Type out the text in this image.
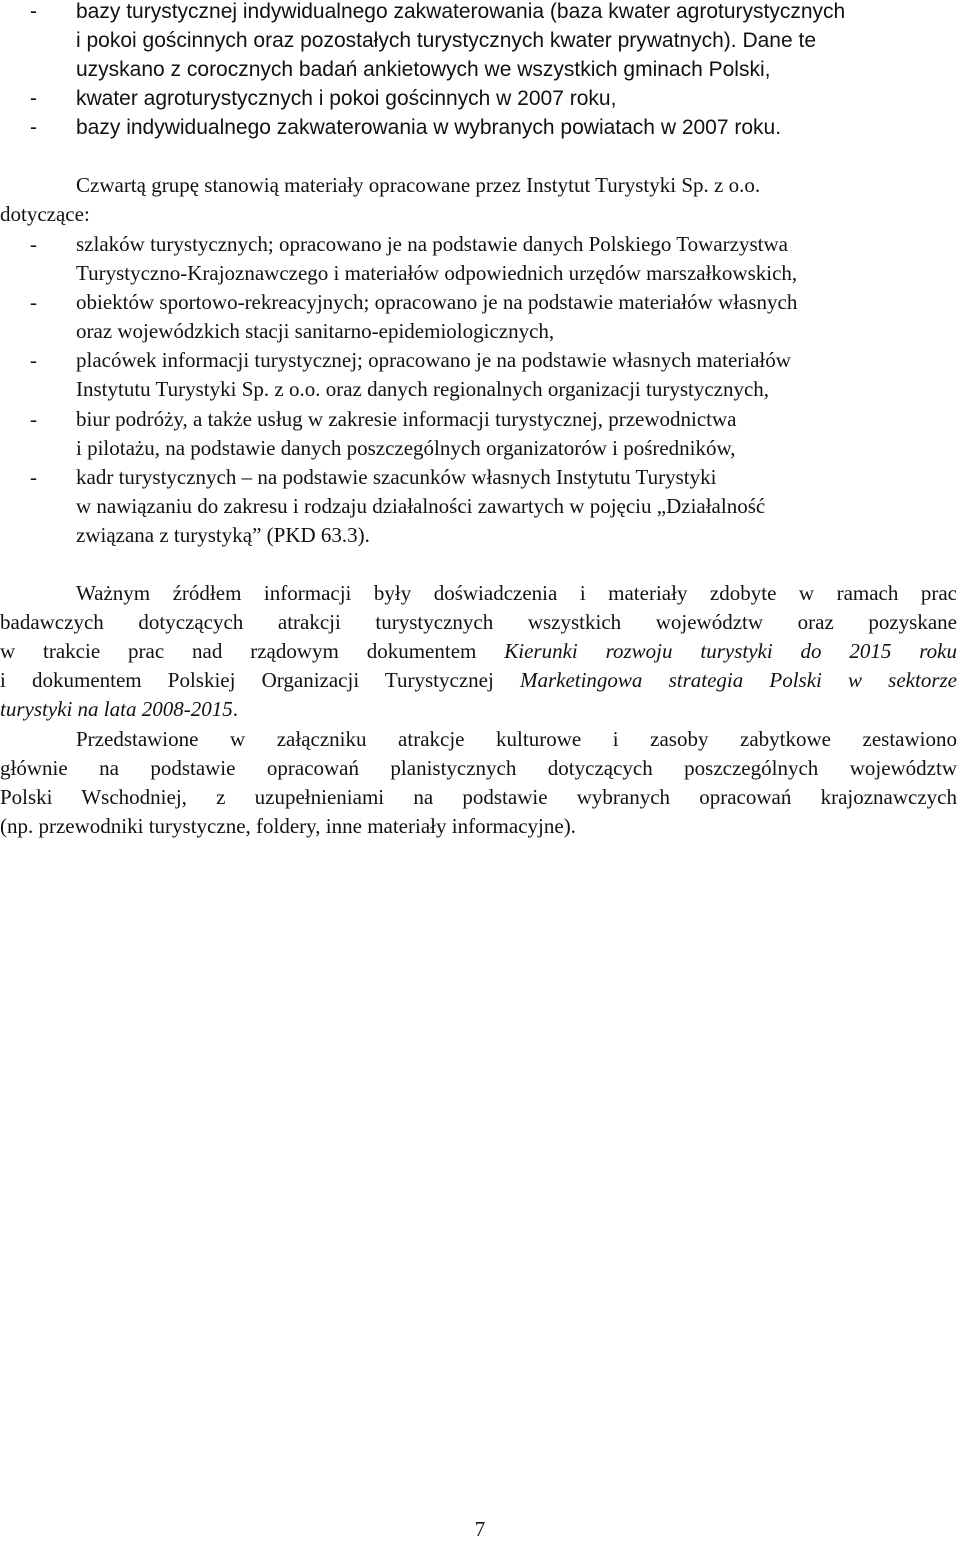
- bazy turystycznej indywidualnego zakwaterowania (baza kwater agroturystycznych
i pokoi gościnnych oraz pozostałych turystycznych kwater prywatnych). Dane te
uzyskano z corocznych badań ankietowych we wszystkich gminach Polski,
- kwater agroturystycznych i pokoi gościnnych w 2007 roku,
- bazy indywidualnego zakwaterowania w wybranych powiatach w 2007 roku.
Czwartą grupę stanowią materiały opracowane przez Instytut Turystyki Sp. z o.o.
dotyczące:
- szlaków turystycznych; opracowano je na podstawie danych Polskiego Towarzystwa
Turystyczno-Krajoznawczego i materiałów odpowiednich urzędów marszałkowskich,
- obiektów sportowo-rekreacyjnych; opracowano je na podstawie materiałów własnych
oraz wojewódzkich stacji sanitarno-epidemiologicznych,
- placówek informacji turystycznej; opracowano je na podstawie własnych materiałów
Instytutu Turystyki Sp. z o.o. oraz danych regionalnych organizacji turystycznych,
- biur podróży, a także usług w zakresie informacji turystycznej, przewodnictwa
i pilotażu, na podstawie danych poszczególnych organizatorów i pośredników,
- kadr turystycznych – na podstawie szacunków własnych Instytutu Turystyki
w nawiązaniu do zakresu i rodzaju działalności zawartych w pojęciu „Działalność
związana z turystyką” (PKD 63.3).
Ważnym źródłem informacji były doświadczenia i materiały zdobyte w ramach prac
badawczych dotyczących atrakcji turystycznych wszystkich województw oraz pozyskane
w trakcie prac nad rządowym dokumentem Kierunki rozwoju turystyki do 2015 roku
i dokumentem Polskiej Organizacji Turystycznej Marketingowa strategia Polski w sektorze
turystyki na lata 2008-2015.
Przedstawione w załączniku atrakcje kulturowe i zasoby zabytkowe zestawiono
głównie na podstawie opracowań planistycznych dotyczących poszczególnych województw
Polski Wschodniej, z uzupełnieniami na podstawie wybranych opracowań krajoznawczych
(np. przewodniki turystyczne, foldery, inne materiały informacyjne).
7
